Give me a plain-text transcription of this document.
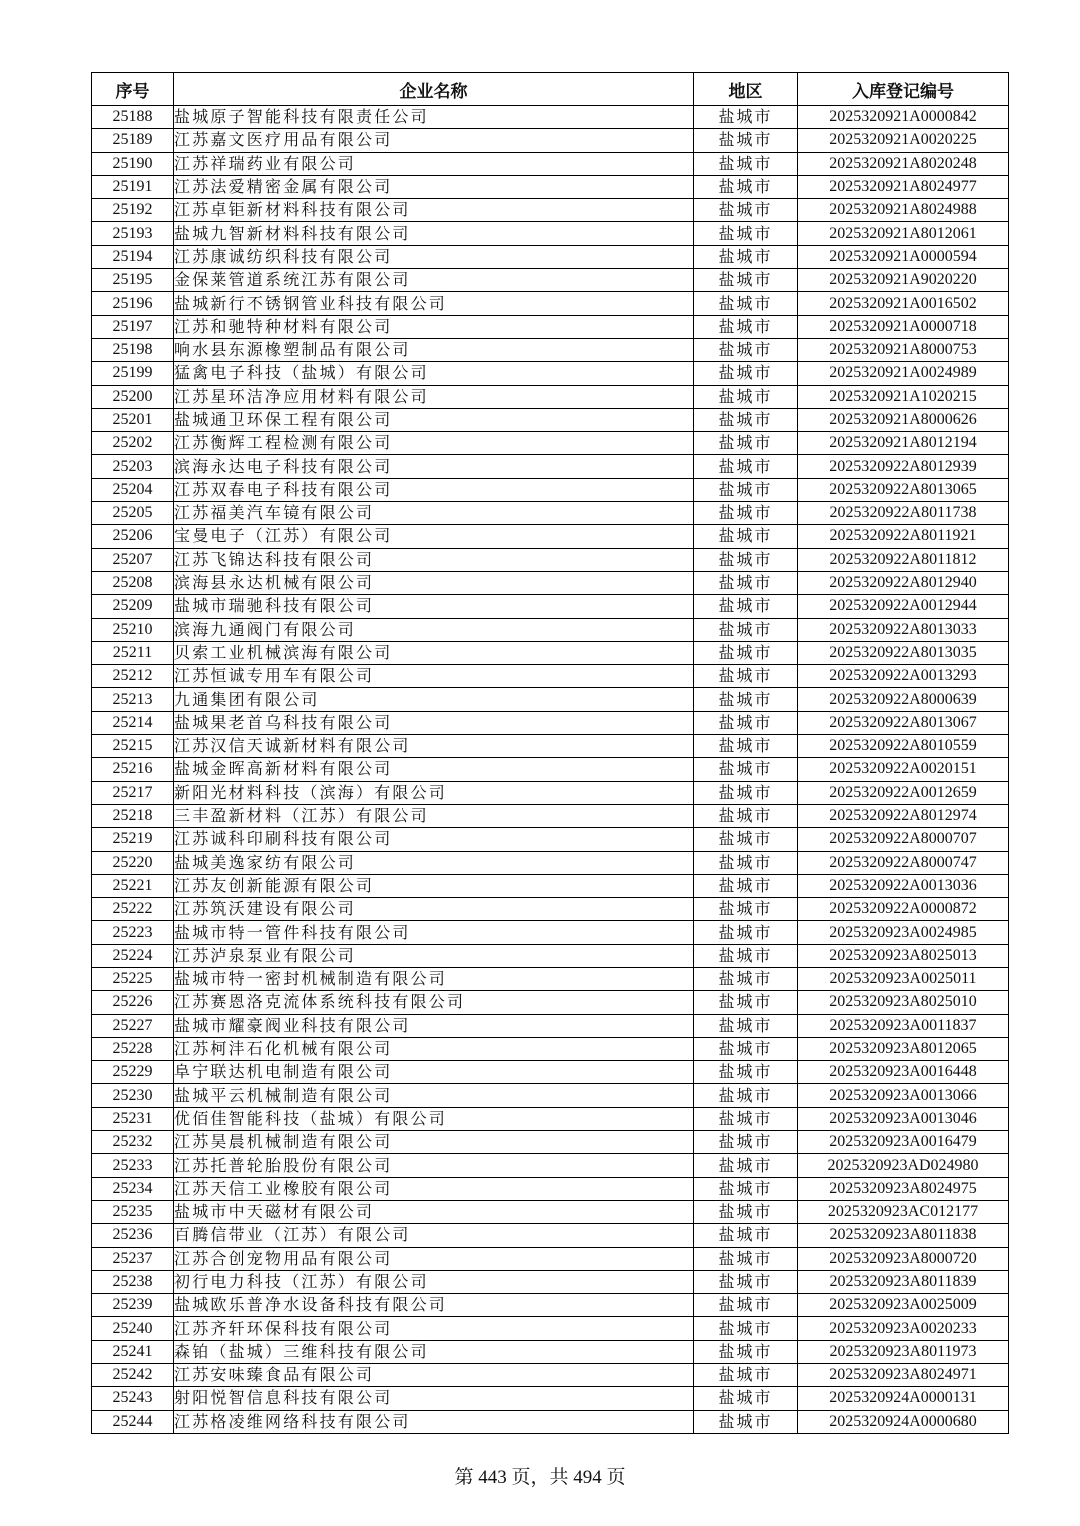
序号	企业名称	地区	入库登记编号
25188	盐城原子智能科技有限责任公司	盐城市	2025320921A0000842
25189	江苏嘉文医疗用品有限公司	盐城市	2025320921A0020225
25190	江苏祥瑞药业有限公司	盐城市	2025320921A8020248
25191	江苏法爱精密金属有限公司	盐城市	2025320921A8024977
25192	江苏卓钜新材料科技有限公司	盐城市	2025320921A8024988
25193	盐城九智新材料科技有限公司	盐城市	2025320921A8012061
25194	江苏康诚纺织科技有限公司	盐城市	2025320921A0000594
25195	金保莱管道系统江苏有限公司	盐城市	2025320921A9020220
25196	盐城新行不锈钢管业科技有限公司	盐城市	2025320921A0016502
25197	江苏和驰特种材料有限公司	盐城市	2025320921A0000718
25198	响水县东源橡塑制品有限公司	盐城市	2025320921A8000753
25199	猛禽电子科技（盐城）有限公司	盐城市	2025320921A0024989
25200	江苏星环洁净应用材料有限公司	盐城市	2025320921A1020215
25201	盐城通卫环保工程有限公司	盐城市	2025320921A8000626
25202	江苏衡辉工程检测有限公司	盐城市	2025320921A8012194
25203	滨海永达电子科技有限公司	盐城市	2025320922A8012939
25204	江苏双春电子科技有限公司	盐城市	2025320922A8013065
25205	江苏福美汽车镜有限公司	盐城市	2025320922A8011738
25206	宝曼电子（江苏）有限公司	盐城市	2025320922A8011921
25207	江苏飞锦达科技有限公司	盐城市	2025320922A8011812
25208	滨海县永达机械有限公司	盐城市	2025320922A8012940
25209	盐城市瑞驰科技有限公司	盐城市	2025320922A0012944
25210	滨海九通阀门有限公司	盐城市	2025320922A8013033
25211	贝索工业机械滨海有限公司	盐城市	2025320922A8013035
25212	江苏恒诚专用车有限公司	盐城市	2025320922A0013293
25213	九通集团有限公司	盐城市	2025320922A8000639
25214	盐城果老首乌科技有限公司	盐城市	2025320922A8013067
25215	江苏汉信天诚新材料有限公司	盐城市	2025320922A8010559
25216	盐城金晖高新材料有限公司	盐城市	2025320922A0020151
25217	新阳光材料科技（滨海）有限公司	盐城市	2025320922A0012659
25218	三丰盈新材料（江苏）有限公司	盐城市	2025320922A8012974
25219	江苏诚科印刷科技有限公司	盐城市	2025320922A8000707
25220	盐城美逸家纺有限公司	盐城市	2025320922A8000747
25221	江苏友创新能源有限公司	盐城市	2025320922A0013036
25222	江苏筑沃建设有限公司	盐城市	2025320922A0000872
25223	盐城市特一管件科技有限公司	盐城市	2025320923A0024985
25224	江苏泸泉泵业有限公司	盐城市	2025320923A8025013
25225	盐城市特一密封机械制造有限公司	盐城市	2025320923A0025011
25226	江苏赛恩洛克流体系统科技有限公司	盐城市	2025320923A8025010
25227	盐城市耀豪阀业科技有限公司	盐城市	2025320923A0011837
25228	江苏柯沣石化机械有限公司	盐城市	2025320923A8012065
25229	阜宁联达机电制造有限公司	盐城市	2025320923A0016448
25230	盐城平云机械制造有限公司	盐城市	2025320923A0013066
25231	优佰佳智能科技（盐城）有限公司	盐城市	2025320923A0013046
25232	江苏昊晨机械制造有限公司	盐城市	2025320923A0016479
25233	江苏托普轮胎股份有限公司	盐城市	2025320923AD024980
25234	江苏天信工业橡胶有限公司	盐城市	2025320923A8024975
25235	盐城市中天磁材有限公司	盐城市	2025320923AC012177
25236	百腾信带业（江苏）有限公司	盐城市	2025320923A8011838
25237	江苏合创宠物用品有限公司	盐城市	2025320923A8000720
25238	初行电力科技（江苏）有限公司	盐城市	2025320923A8011839
25239	盐城欧乐普净水设备科技有限公司	盐城市	2025320923A0025009
25240	江苏齐轩环保科技有限公司	盐城市	2025320923A0020233
25241	森铂（盐城）三维科技有限公司	盐城市	2025320923A8011973
25242	江苏安味臻食品有限公司	盐城市	2025320923A8024971
25243	射阳悦智信息科技有限公司	盐城市	2025320924A0000131
25244	江苏格凌维网络科技有限公司	盐城市	2025320924A0000680
第 443 页，共 494 页
